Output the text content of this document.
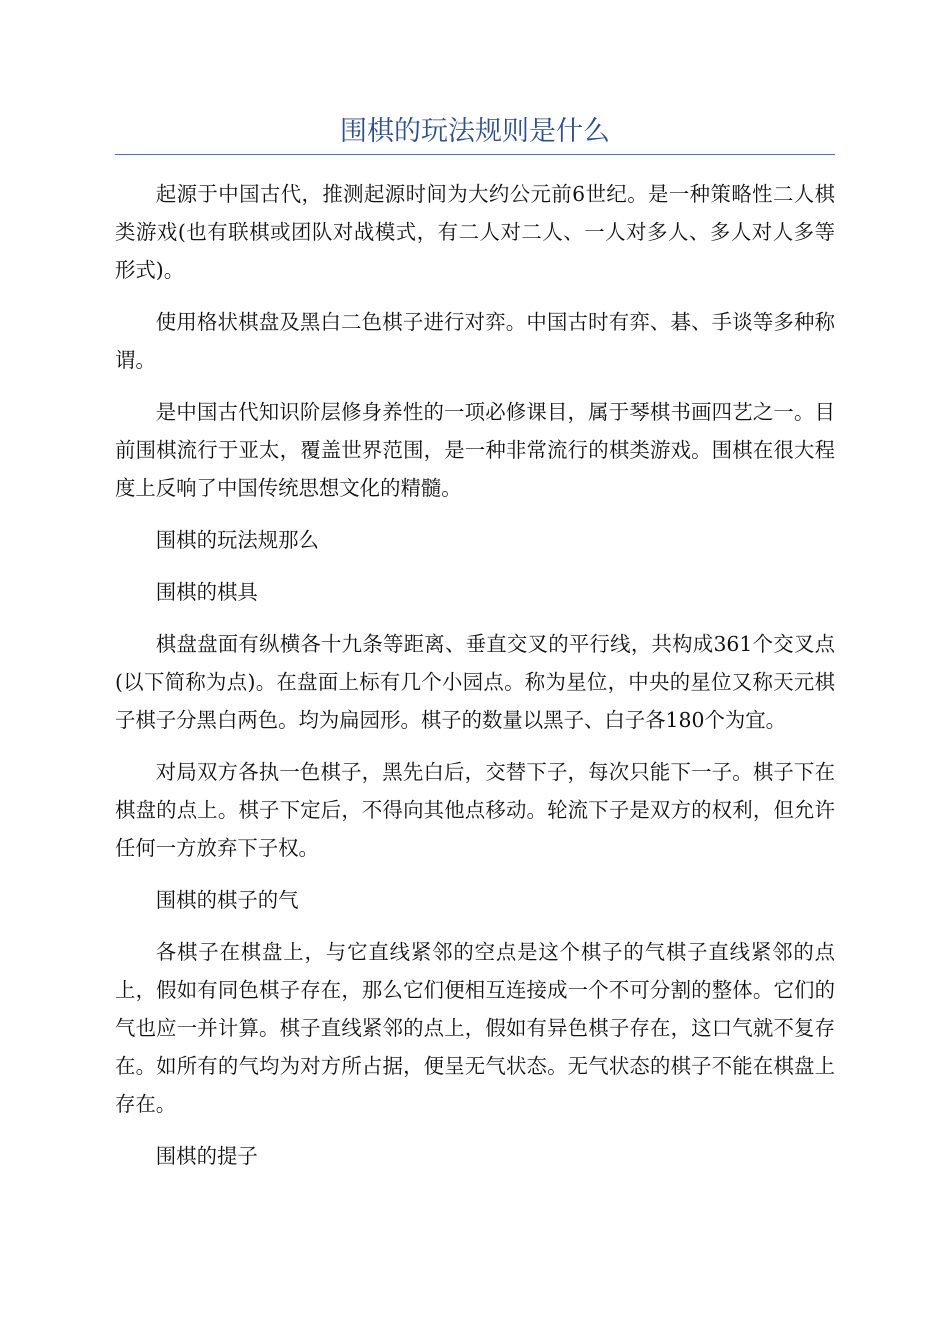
围棋的玩法规则是什么

起源于中国古代，推测起源时间为大约公元前6世纪。是一种策略性二人棋类游戏(也有联棋或团队对战模式，有二人对二人、一人对多人、多人对人多等形式)。

使用格状棋盘及黑白二色棋子进行对弈。中国古时有弈、碁、手谈等多种称谓。

是中国古代知识阶层修身养性的一项必修课目，属于琴棋书画四艺之一。目前围棋流行于亚太，覆盖世界范围，是一种非常流行的棋类游戏。围棋在很大程度上反响了中国传统思想文化的精髓。

围棋的玩法规那么

围棋的棋具

棋盘盘面有纵横各十九条等距离、垂直交叉的平行线，共构成361个交叉点(以下简称为点)。在盘面上标有几个小园点。称为星位，中央的星位又称天元棋子棋子分黑白两色。均为扁园形。棋子的数量以黑子、白子各180个为宜。

对局双方各执一色棋子，黑先白后，交替下子，每次只能下一子。棋子下在棋盘的点上。棋子下定后，不得向其他点移动。轮流下子是双方的权利，但允许任何一方放弃下子权。

围棋的棋子的气

各棋子在棋盘上，与它直线紧邻的空点是这个棋子的气棋子直线紧邻的点上，假如有同色棋子存在，那么它们便相互连接成一个不可分割的整体。它们的气也应一并计算。棋子直线紧邻的点上，假如有异色棋子存在，这口气就不复存在。如所有的气均为对方所占据，便呈无气状态。无气状态的棋子不能在棋盘上存在。

围棋的提子
